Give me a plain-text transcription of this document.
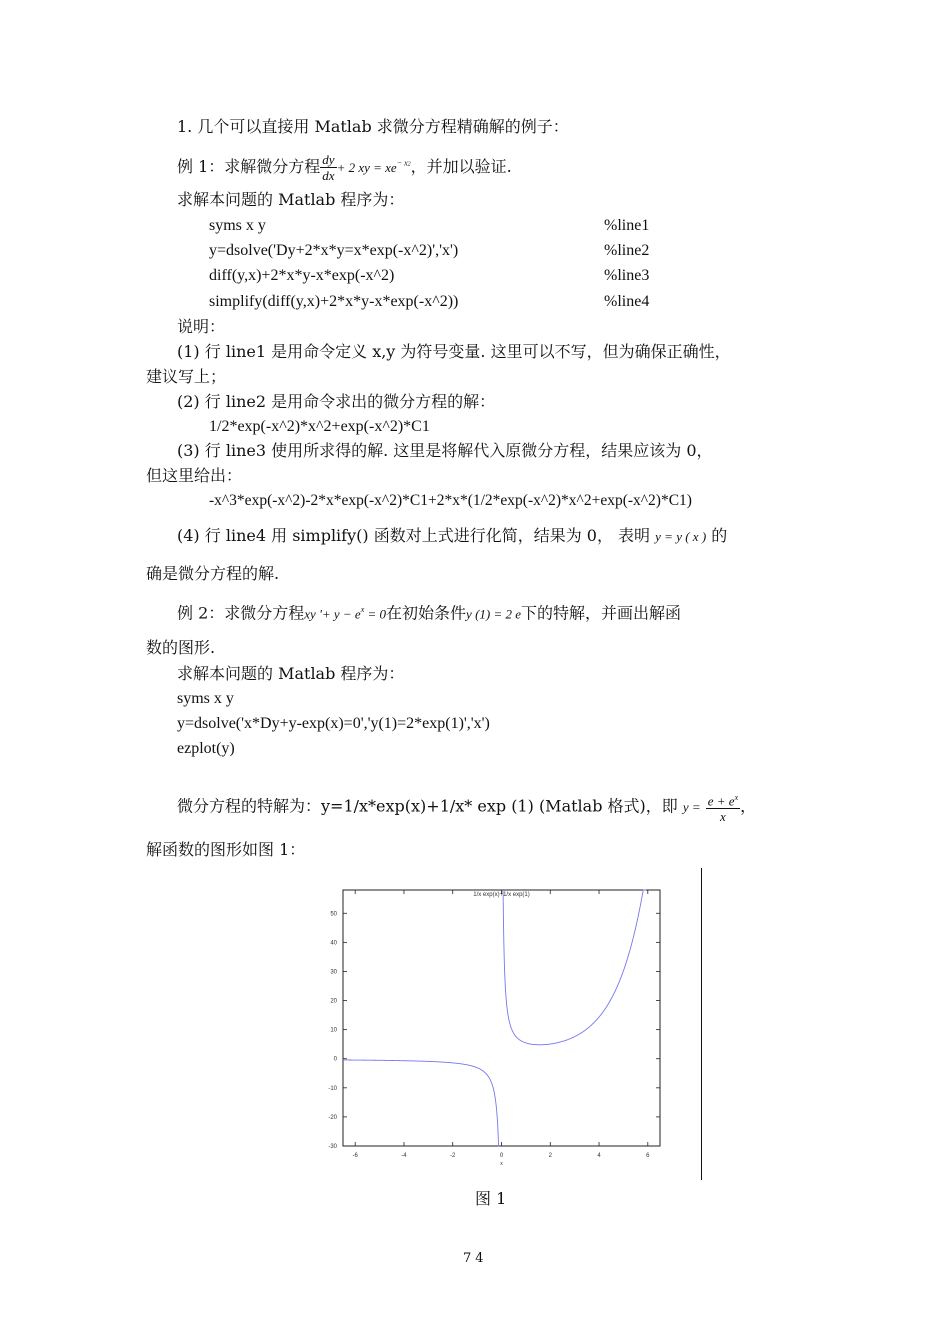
1. 几个可以直接用 Matlab 求微分方程精确解的例子：
例 1：求解微分方程 $\frac{dy}{dx} + 2$ xy = $xe^{- x2}$，并加以验证.
求解本问题的 Matlab 程序为：
syms x y	%line1
y=dsolve('Dy+2*x*y=x*exp(-x^2)','x')	%line2
diff(y,x)+2*x*y-x*exp(-x^2)	%line3
simplify(diff(y,x)+2*x*y-x*exp(-x^2))	%line4
说明：
(1) 行 line1 是用命令定义 x,y 为符号变量. 这里可以不写，但为确保正确性，
建议写上；
(2) 行 line2 是用命令求出的微分方程的解：
1/2*exp(-x^2)*x^2+exp(-x^2)*C1
(3) 行 line3 使用所求得的解. 这里是将解代入原微分方程，结果应该为 0，
但这里给出：
-x^3*exp(-x^2)-2*x*exp(-x^2)*C1+2*x*(1/2*exp(-x^2)*x^2+exp(-x^2)*C1)
(4) 行 line4 用 simplify() 函数对上式进行化简，结果为 0， 表明 y = y ( x ) 的
确是微分方程的解.
例 2：求微分方程xy '+ $y - e^x = 0$在初始条件y (1) = 2 e下的特解，并画出解函
数的图形.
求解本问题的 Matlab 程序为：
syms x y
y=dsolve('x*Dy+y-exp(x)=0','y(1)=2*exp(1)','x')
ezplot(y)
微分方程的特解为：y=1/x*exp(x)+1/x* exp (1) (Matlab 格式)，即 $y = \frac{e + e^x}{x}$ ，
解函数的图形如图 1：
-6	-4	-2	0	2	4	6
-30
-20
-10
0
10
20
30
40
50
1/x exp(x)+1/x exp(1)
x
图 1
74
